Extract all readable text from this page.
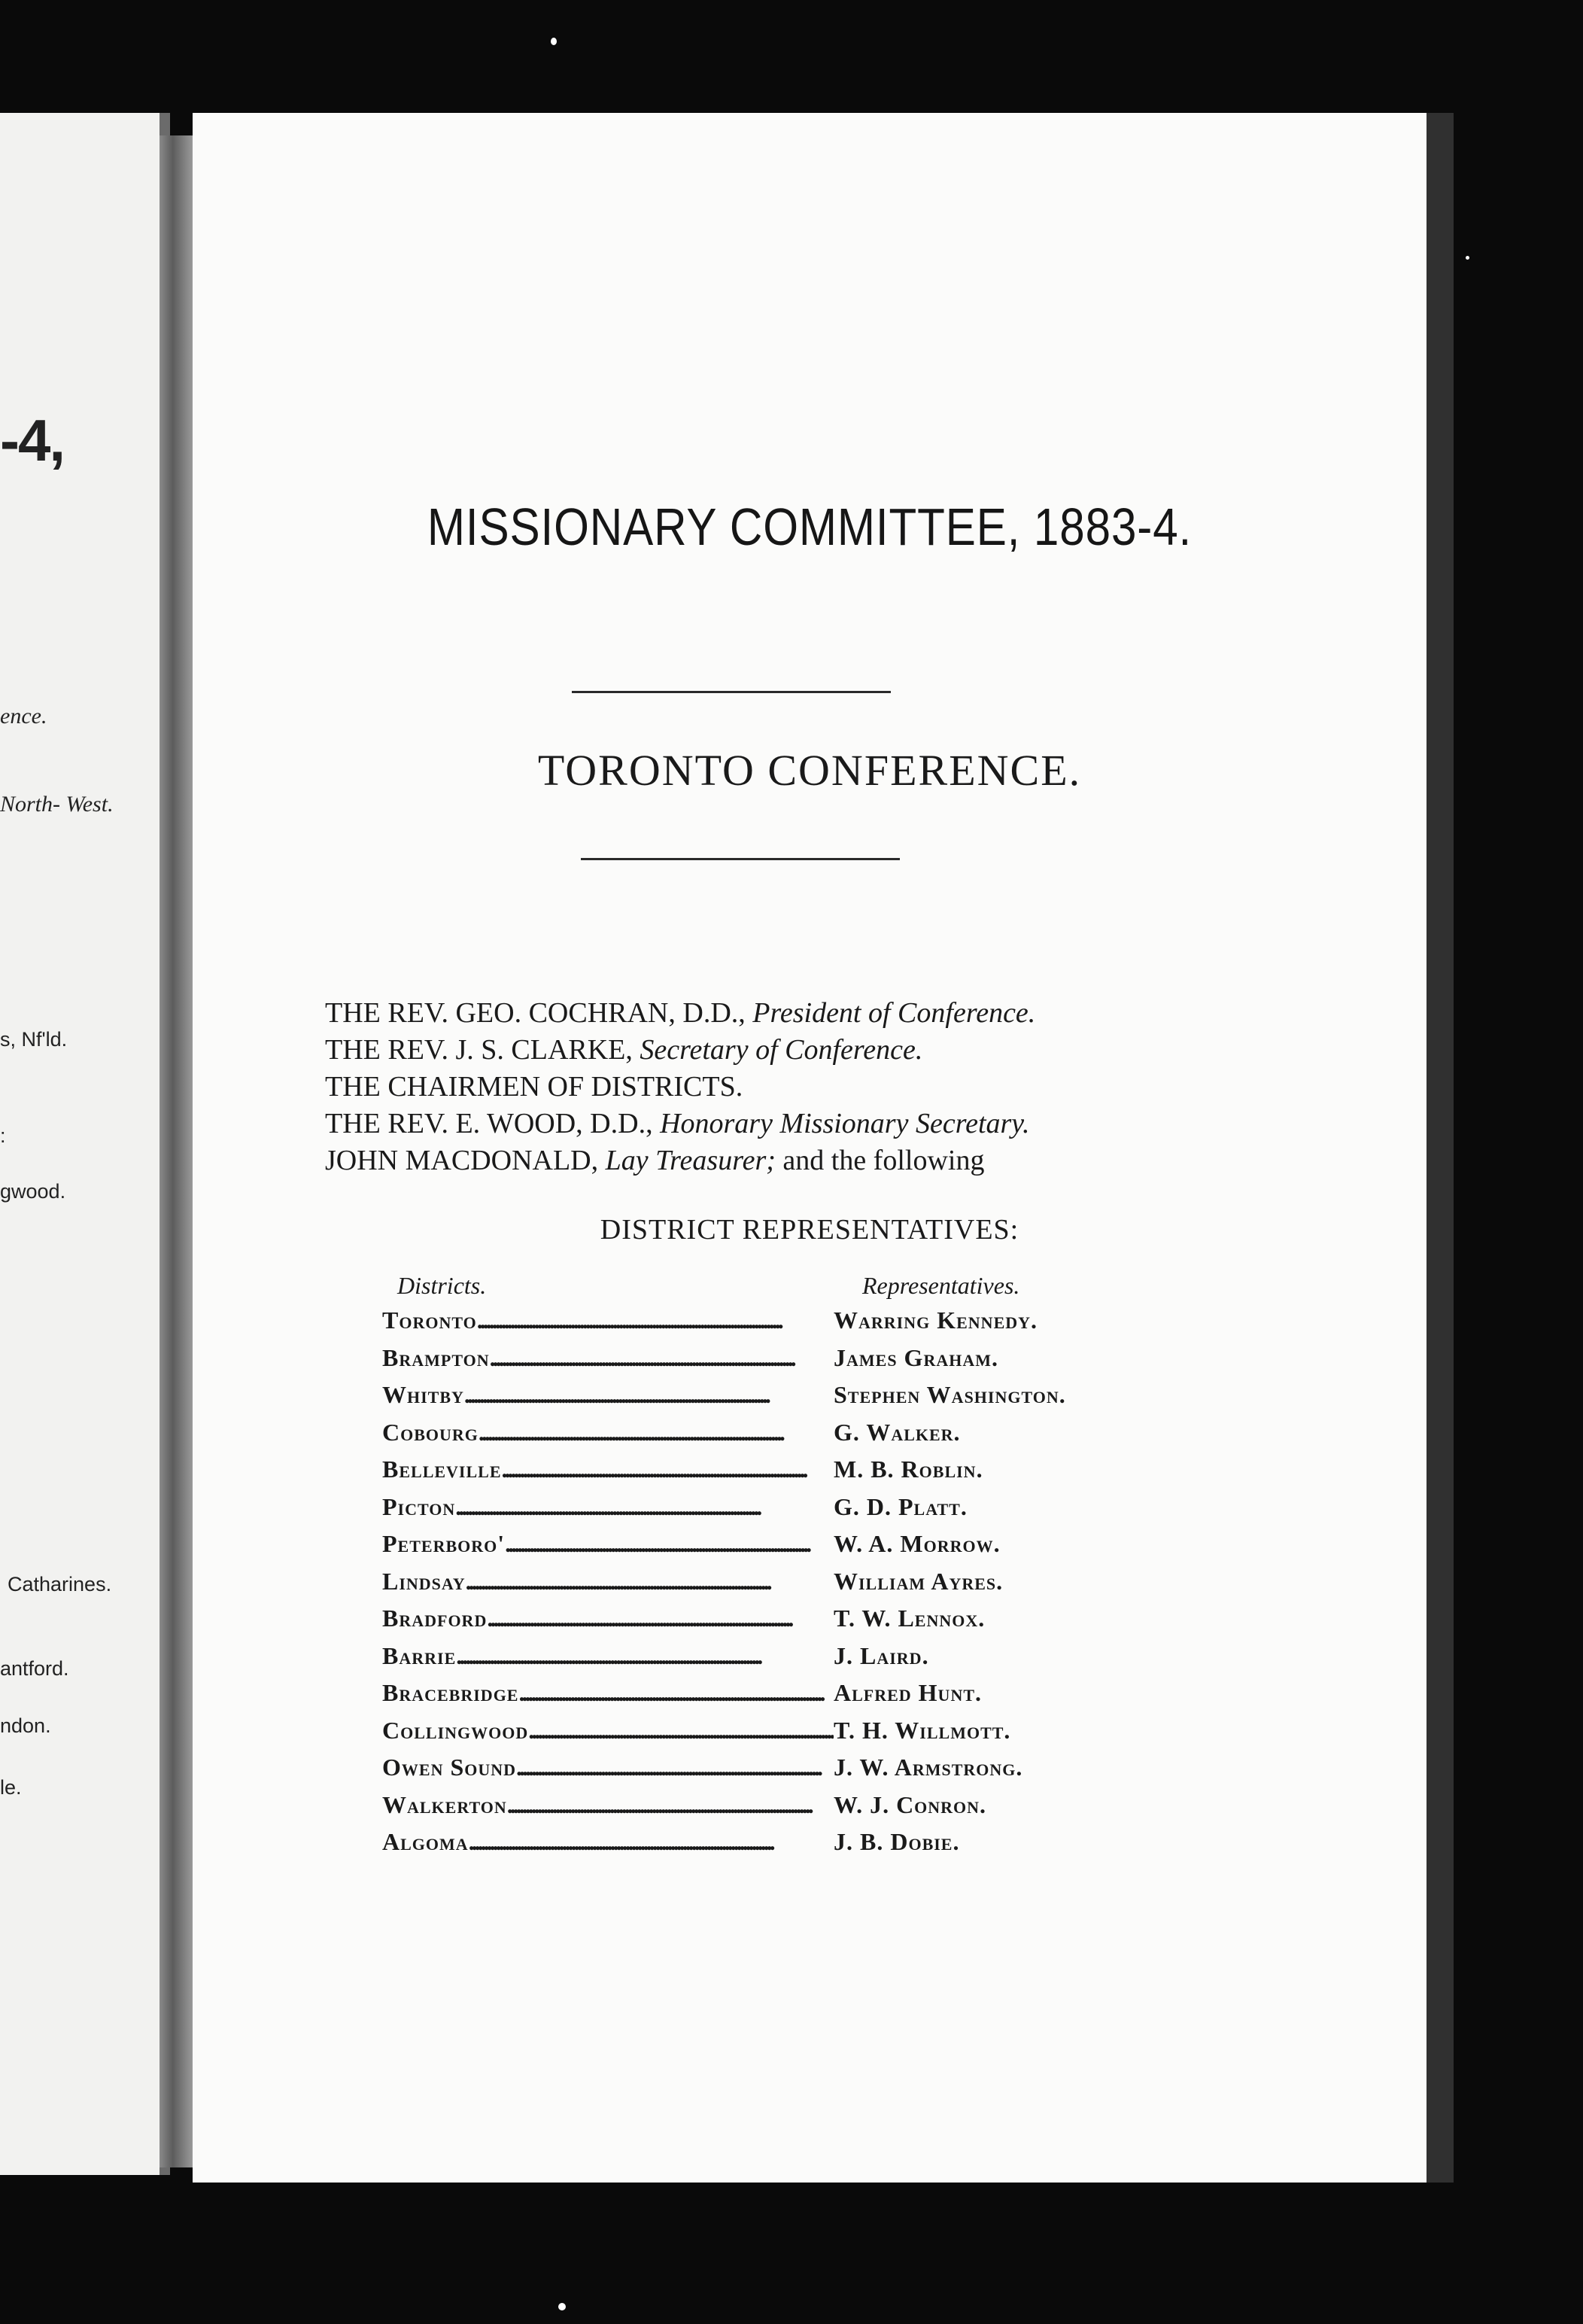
-4,
ence.
North- West.
s, Nf'ld.
:
gwood.
Catharines.
antford.
ndon.
le.
MISSIONARY COMMITTEE, 1883-4.
TORONTO CONFERENCE.
THE REV. GEO. COCHRAN, D.D., President of Conference.
THE REV. J. S. CLARKE, Secretary of Conference.
THE CHAIRMEN OF DISTRICTS.
THE REV. E. WOOD, D.D., Honorary Missionary Secretary.
JOHN MACDONALD, Lay Treasurer; and the following
DISTRICT REPRESENTATIVES:
Districts.	Representatives.
Toronto . . .	Warring Kennedy.
Brampton . . .	James Graham.
Whitby . . .	Stephen Washington.
Cobourg . . .	G. Walker.
Belleville . . .	M. B. Roblin.
Picton . . .	G. D. Platt.
Peterboro' . . .	W. A. Morrow.
Lindsay . . .	William Ayres.
Bradford . . .	T. W. Lennox.
Barrie . . .	J. Laird.
Bracebridge . . .	Alfred Hunt.
Collingwood . . .	T. H. Willmott.
Owen Sound . . .	J. W. Armstrong.
Walkerton . . .	W. J. Conron.
Algoma . . .	J. B. Dobie.
